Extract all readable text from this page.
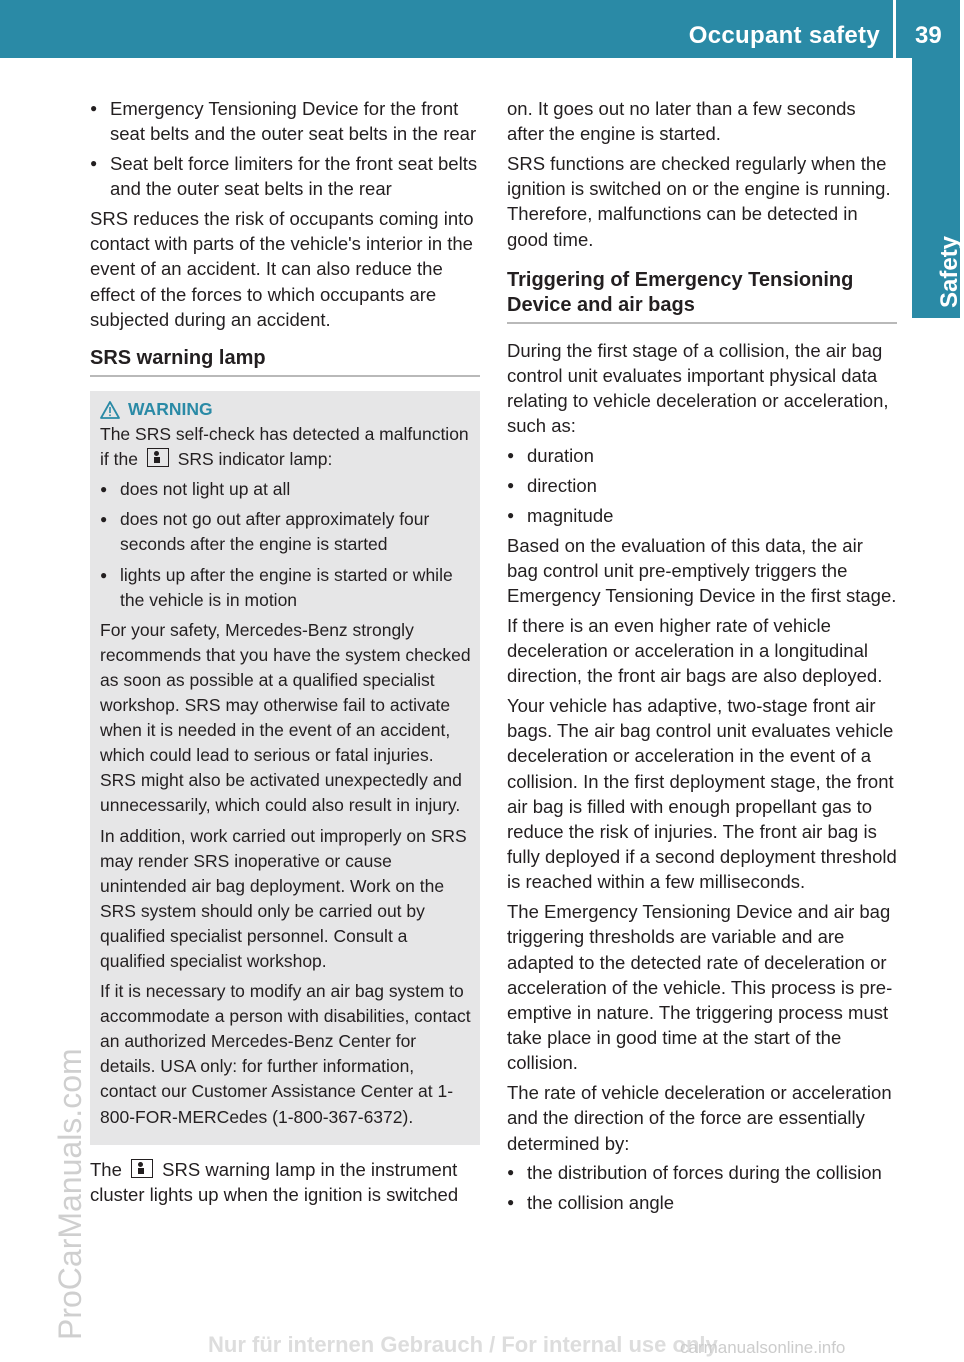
Occupant safety 39
Safety
ProCarManuals.com
● Emergency Tensioning Device for the front seat belts and the outer seat belts in the rear
● Seat belt force limiters for the front seat belts and the outer seat belts in the rear

SRS reduces the risk of occupants coming into contact with parts of the vehicle's interior in the event of an accident. It can also reduce the effect of the forces to which occupants are subjected during an accident.

SRS warning lamp
WARNING

The SRS self-check has detected a malfunction if the SRS indicator lamp:

● does not light up at all
● does not go out after approximately four seconds after the engine is started
● lights up after the engine is started or while the vehicle is in motion

For your safety, Mercedes-Benz strongly recommends that you have the system checked as soon as possible at a qualified specialist workshop. SRS may otherwise fail to activate when it is needed in the event of an accident, which could lead to serious or fatal injuries. SRS might also be activated unexpectedly and unnecessarily, which could also result in injury.

In addition, work carried out improperly on SRS may render SRS inoperative or cause unintended air bag deployment. Work on the SRS system should only be carried out by qualified specialist personnel. Consult a qualified specialist workshop.

If it is necessary to modify an air bag system to accommodate a person with disabilities, contact an authorized Mercedes-Benz Center for details. USA only: for further information, contact our Customer Assistance Center at 1-800-FOR-MERCedes (1-800-367-6372).

The SRS warning lamp in the instrument cluster lights up when the ignition is switched

on. It goes out no later than a few seconds after the engine is started.

SRS functions are checked regularly when the ignition is switched on or the engine is running. Therefore, malfunctions can be detected in good time.

Triggering of Emergency Tensioning Device and air bags

During the first stage of a collision, the air bag control unit evaluates important physical data relating to vehicle deceleration or acceleration, such as:

● duration
● direction
● magnitude

Based on the evaluation of this data, the air bag control unit pre-emptively triggers the Emergency Tensioning Device in the first stage.

If there is an even higher rate of vehicle deceleration or acceleration in a longitudinal direction, the front air bags are also deployed.

Your vehicle has adaptive, two-stage front air bags. The air bag control unit evaluates vehicle deceleration or acceleration in the event of a collision. In the first deployment stage, the front air bag is filled with enough propellant gas to reduce the risk of injuries. The front air bag is fully deployed if a second deployment threshold is reached within a few milliseconds.

The Emergency Tensioning Device and air bag triggering thresholds are variable and are adapted to the detected rate of deceleration or acceleration of the vehicle. This process is pre-emptive in nature. The triggering process must take place in good time at the start of the collision.

The rate of vehicle deceleration or acceleration and the direction of the force are essentially determined by:

● the distribution of forces during the collision
● the collision angle
Nur für internen Gebrauch / For internal use only
carmanualsonline.info
